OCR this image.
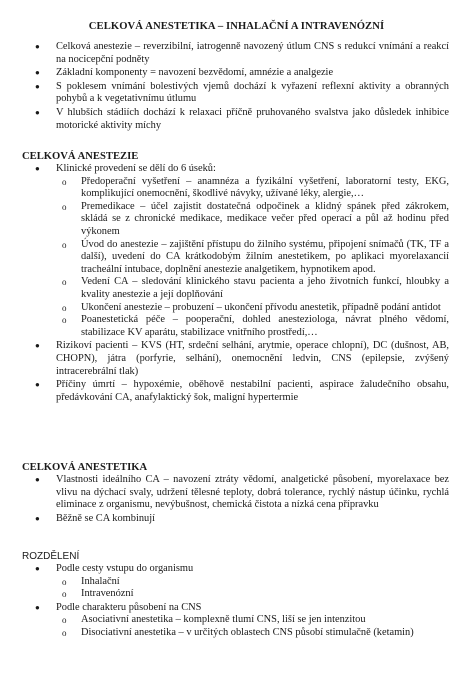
CELKOVÁ ANESTETIKA – INHALAČNÍ A INTRAVENÓZNÍ
● Celková anestezie – reverzibilní, iatrogenně navozený útlum CNS s redukcí vnímání a reakcí na nocicepční podněty
● Základní komponenty = navození bezvědomí, amnézie a analgezie
● S poklesem vnímání bolestivých vjemů dochází k vyřazení reflexní aktivity a obranných pohybů a k vegetativnímu útlumu
● V hlubších stádiích dochází k relaxaci příčně pruhovaného svalstva jako důsledek inhibice motorické aktivity míchy
CELKOVÁ ANESTEZIE
● Klinické provedení se dělí do 6 úseků:
o Předoperační vyšetření – anamnéza a fyzikální vyšetření, laboratorní testy, EKG, komplikující onemocnění, škodlivé návyky, užívané léky, alergie,…
o Premedikace – účel zajistit dostatečná odpočinek a klidný spánek před zákrokem, skládá se z chronické medikace, medikace večer před operací a půl až hodinu před výkonem
o Úvod do anestezie – zajištění přístupu do žilního systému, připojení snímačů (TK, TF a další), uvedení do CA krátkodobým žilním anestetikem, po aplikaci myorelaxancií tracheální intubace, doplnění anestezie analgetikem, hypnotikem apod.
o Vedení CA – sledování klinického stavu pacienta a jeho životních funkcí, hloubky a kvality anestezie a její doplňování
o Ukončení anestezie – probuzení – ukončení přívodu anestetik, případně podání antidot
o Poanestetická péče – pooperační, dohled anesteziologa, návrat plného vědomí, stabilizace KV aparátu, stabilizace vnitřního prostředí,…
● Rizikoví pacienti – KVS (HT, srdeční selhání, arytmie, operace chlopní), DC (dušnost, AB, CHOPN), játra (porfyrie, selhání), onemocnění ledvin, CNS (epilepsie, zvýšený intracerebrální tlak)
● Příčiny úmrtí – hypoxémie, oběhově nestabilní pacienti, aspirace žaludečního obsahu, předávkování CA, anafylaktický šok, maligní hypertermie
CELKOVÁ ANESTETIKA
● Vlastnosti ideálního CA – navození ztráty vědomí, analgetické působení, myorelaxace bez vlivu na dýchací svaly, udržení tělesné teploty, dobrá tolerance, rychlý nástup účinku, rychlá eliminace z organismu, nevýbušnost, chemická čistota a nízká cena přípravku
● Běžně se CA kombinují
ROZDĚLENÍ
● Podle cesty vstupu do organismu
o Inhalační
o Intravenózní
● Podle charakteru působení na CNS
o Asociativní anestetika – komplexně tlumí CNS, liší se jen intenzitou
o Disociativní anestetika – v určitých oblastech CNS působí stimulačně (ketamin)
